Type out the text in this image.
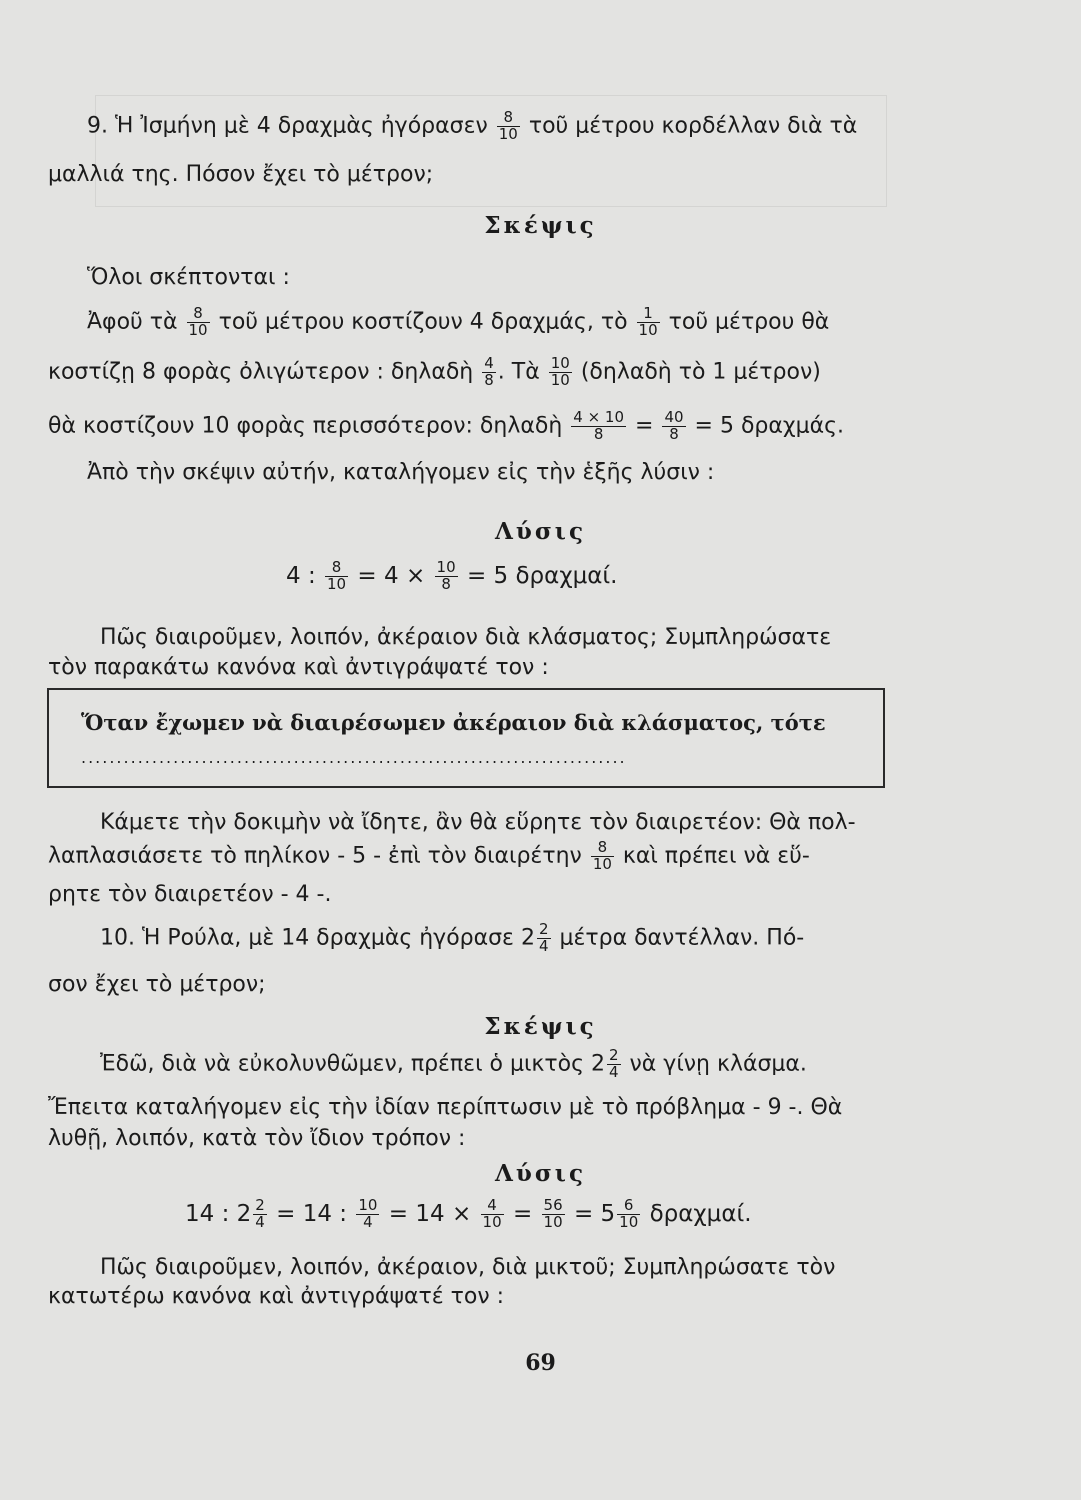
9. Ἡ Ἰσμήνη μὲ 4 δραχμὰς ἠγόρασεν $\frac{8}{10}$ τοῦ μέτρου κορδέλλαν διὰ τὰ
μαλλιά της. Πόσον ἔχει τὸ μέτρον;
Σκέψις
Ὅλοι σκέπτονται :
Ἀφοῦ τὰ $\frac{8}{10}$ τοῦ μέτρου κοστίζουν 4 δραχμάς, τὸ $\frac{1}{10}$ τοῦ μέτρου θὰ
κοστίζῃ 8 φορὰς ὀλιγώτερον : δηλαδὴ $\frac{4}{8}$ . Τὰ $\frac{10}{10}$ (δηλαδὴ τὸ 1 μέτρον)
θὰ κοστίζουν 10 φορὰς περισσότερον: δηλαδὴ $\frac{4 \times 10}{8} = \frac{40}{8} = 5$ δραχμάς.
Ἀπὸ τὴν σκέψιν αὐτήν, καταλήγομεν εἰς τὴν ἑξῆς λύσιν :
Λύσις
4 : $\frac{8}{10} = 4 \times \frac{10}{8} = 5$ δραχμαί.
Πῶς διαιροῦμεν, λοιπόν, ἀκέραιον διὰ κλάσματος; Συμπληρώσατε
τὸν παρακάτω κανόνα καὶ ἀντιγράψατέ τον :
Ὅταν ἔχωμεν νὰ διαιρέσωμεν ἀκέραιον διὰ κλάσματος, τότε
.............................................................................
Κάμετε τὴν δοκιμὴν νὰ ἴδητε, ἂν θὰ εὕρητε τὸν διαιρετέον: Θὰ πολ-
λαπλασιάσετε τὸ πηλίκον - 5 - ἐπὶ τὸν διαιρέτην $\frac{8}{10}$ καὶ πρέπει νὰ εὕ-
ρητε τὸν διαιρετέον - 4 -.
10. Ἡ Ρούλα, μὲ 14 δραχμὰς ἠγόρασε $2 \frac{2}{4}$ μέτρα δαντέλλαν. Πό-
σον ἔχει τὸ μέτρον;
Σκέψις
Ἐδῶ, διὰ νὰ εὐκολυνθῶμεν, πρέπει ὁ μικτὸς $2 \frac{2}{4}$ νὰ γίνῃ κλάσμα.
Ἔπειτα καταλήγομεν εἰς τὴν ἰδίαν περίπτωσιν μὲ τὸ πρόβλημα - 9 -. Θὰ
λυθῇ, λοιπόν, κατὰ τὸν ἴδιον τρόπον :
Λύσις
14 : $2 \frac{2}{4} = 14$ : $\frac{10}{4} = 14 \times \frac{4}{10} = \frac{56}{10} = 5 \frac{6}{10} \delta\rho\alpha\chi\mu\alpha ί$.
Πῶς διαιροῦμεν, λοιπόν, ἀκέραιον, διὰ μικτοῦ; Συμπληρώσατε τὸν
κατωτέρω κανόνα καὶ ἀντιγράψατέ τον :
69
